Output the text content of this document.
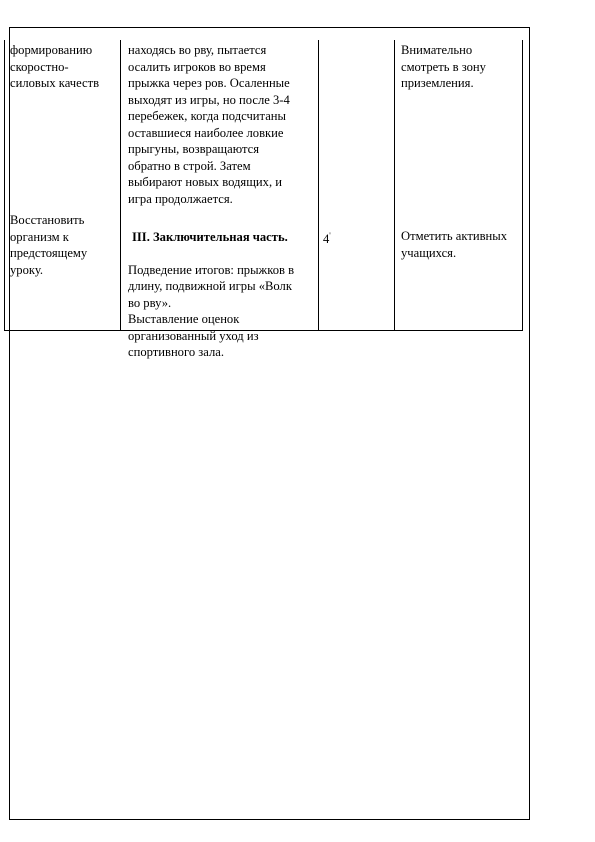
формированию
скоростно-
силовых качеств
находясь во рву, пытается
осалить игроков во время
прыжка через ров. Осаленные
выходят из игры, но после 3-4
перебежек, когда подсчитаны
оставшиеся наиболее ловкие
прыгуны, возвращаются
обратно в строй. Затем
выбирают новых водящих, и
игра продолжается.
Внимательно
смотреть в зону
приземления.
Восстановить
организм к
предстоящему
уроку.

III. Заключительная часть.

Подведение итогов: прыжков в
длину, подвижной игры «Волк
во рву».
Выставление оценок
организованный уход из
спортивного зала.

4'	Отметить активных
учащихся.
